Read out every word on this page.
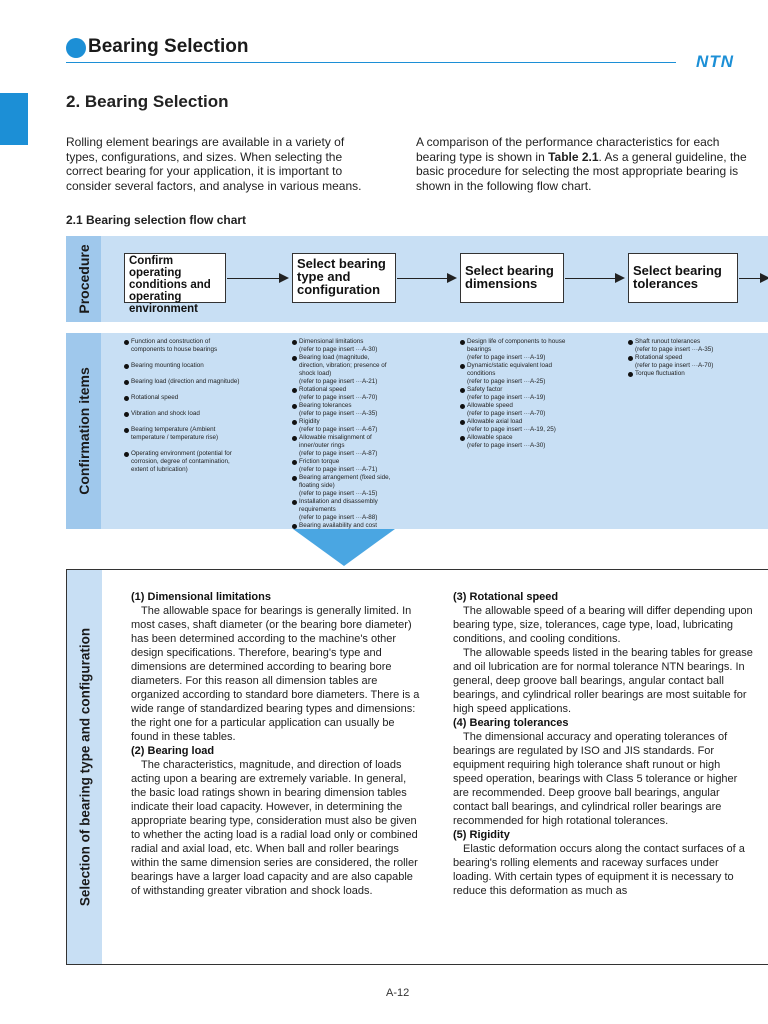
Bearing Selection
NTN
2. Bearing Selection
Rolling element bearings are available in a variety of types, configurations, and sizes. When selecting the correct bearing for your application, it is important to consider several factors, and analyse in various means.
A comparison of the performance characteristics for each bearing type is shown in Table 2.1. As a general guideline, the basic procedure for selecting the most appropriate bearing is shown in the following flow chart.
2.1 Bearing selection flow chart
Procedure	Confirm operating conditions and operating environment
Select bearing type and configuration
Select bearing dimensions
Select bearing tolerances
Confirmation items
Function and construction of components to house bearings
Bearing mounting location
Bearing load (direction and magnitude)
Rotational speed
Vibration and shock load
Bearing temperature (Ambient temperature / temperature rise)
Operating environment (potential for corrosion, degree of contamination, extent of lubrication)
Dimensional limitations
(refer to page insert ···A-30)
Bearing load (magnitude, direction, vibration; presence of shock load)
(refer to page insert ···A-21)
Rotational speed
(refer to page insert ···A-70)
Bearing tolerances
(refer to page insert ···A-35)
Rigidity
(refer to page insert ···A-67)
Allowable misalignment of inner/outer rings
(refer to page insert ···A-87)
Friction torque
(refer to page insert ···A-71)
Bearing arrangement (fixed side, floating side)
(refer to page insert ···A-15)
Installation and disassembly requirements
(refer to page insert ···A-88)
Bearing availability and cost
Design life of components to house bearings
(refer to page insert ···A-19)
Dynamic/static equivalent load conditions
(refer to page insert ···A-25)
Safety factor
(refer to page insert ···A-19)
Allowable speed
(refer to page insert ···A-70)
Allowable axial load
(refer to page insert ···A-19, 25)
Allowable space
(refer to page insert ···A-30)
Shaft runout tolerances
(refer to page insert ···A-35)
Rotational speed
(refer to page insert ···A-70)
Torque fluctuation
Selection of bearing type and configuration
(1) Dimensional limitations

The allowable space for bearings is generally limited. In most cases, shaft diameter (or the bearing bore diameter) has been determined according to the machine's other design specifications. Therefore, bearing's type and dimensions are determined according to bearing bore diameters. For this reason all dimension tables are organized according to standard bore diameters. There is a wide range of standardized bearing types and dimensions: the right one for a particular application can usually be found in these tables.

(2) Bearing load

The characteristics, magnitude, and direction of loads acting upon a bearing are extremely variable. In general, the basic load ratings shown in bearing dimension tables indicate their load capacity. However, in determining the appropriate bearing type, consideration must also be given to whether the acting load is a radial load only or combined radial and axial load, etc. When ball and roller bearings within the same dimension series are considered, the roller bearings have a larger load capacity and are also capable of withstanding greater vibration and shock loads.

(3) Rotational speed

The allowable speed of a bearing will differ depending upon bearing type, size, tolerances, cage type, load, lubricating conditions, and cooling conditions.

The allowable speeds listed in the bearing tables for grease and oil lubrication are for normal tolerance NTN bearings. In general, deep groove ball bearings, angular contact ball bearings, and cylindrical roller bearings are most suitable for high speed applications.

(4) Bearing tolerances

The dimensional accuracy and operating tolerances of bearings are regulated by ISO and JIS standards. For equipment requiring high tolerance shaft runout or high speed operation, bearings with Class 5 tolerance or higher are recommended. Deep groove ball bearings, angular contact ball bearings, and cylindrical roller bearings are recommended for high rotational tolerances.

(5) Rigidity

Elastic deformation occurs along the contact surfaces of a bearing's rolling elements and raceway surfaces under loading. With certain types of equipment it is necessary to reduce this deformation as much as

A-12
